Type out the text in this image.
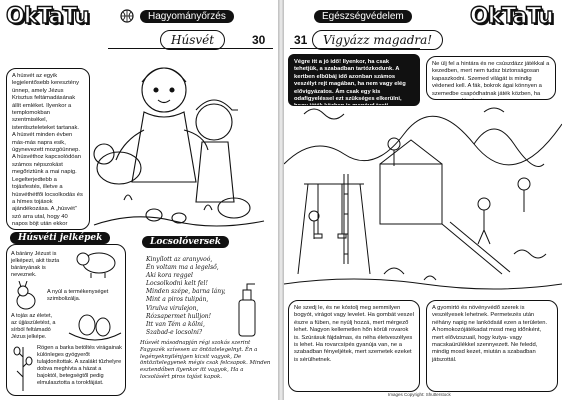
OkTaTu	Hagyományőrzés
Húsvét	30
A húsvét az egyik legjelentősebb keresztény ünnep, amely Jézus Krisztus feltámadásának állít emléket. Ilyenkor a templomokban szentmisékel, istentiszteleteket tartanak. A húsvét minden évben más-más napra esik, úgynevezett mozgóünnep. A húsvéthoz kapcsolódóan számos népszokást megőriztünk a mai napig. Legelterjedtebb a tojásfestés, illetve a húsvéthétfői locsolkodás és a hímes tojások ajándékozása. A „húsvét” szó arra utal, hogy 40 napos böjt után ekkor
Húsvéti jelképek
A bárány Jézust is jelképezi, akit tiszta bárányának is neveznek.
A nyúl a termékenységet szimbolizálja.
A tojás az életet, az újjászületést, a sírból feltámadó Jézus jelképe.
Rögen a barka betöltés virágainak különleges gyógyerőt tulajdonítottak. A szalákt tűzhelyre dobva meghívta a házat a bajoktól, betegségtől pedig elmulasztotta a torokfájást.
Locsolóversek
Kinyílott az aranyvoó,
Én voltam ma a legelső,
Aki kora reggel
Locsolkodni kelt fel!
Minden szépe, barna lány,
Mint a piros tulipán,
Virulva virulejon,
Rózsapermet hulljon!
Itt van Tém a kölni,
Szabad-e locsolni?
Húsvét másodnapján régi szokás szerint Fagyszék szívesen az öntöztelegelnyt. Én a legényeknyilénjgen kicsit vagyok, De öntözitelegyenek mégis csak felcsapok. Minden esztendőben ilyenkor itt vagyok, Ha a locsolásért piros tojást kapok.
Egészségvédelem	OkTaTu
31	Vigyázz magadra!
Végre itt a jó idő! Ilyenkor, ha csak tehetjük, a szabadban tartózkodunk. A kertben elbűbáj idő azonban számos veszélyt rejt magában, ha nem vagy elég elővigyázatos. Ám csak egy kis odafigyeléssel ezt szükséges elkerülni,
Ne ülj fel a hintára és ne csúszdázz játékkal a kezedben, mert nem tudsz biztonságosan kapaszkodni. Szemed világát is mindig védened kell. A fák, bokrok ágai könnyen a szemedbe csapódhatnak játék közben, ha
Ne szedj le, és ne kóstolj meg semmilyen bogyót, virágot vagy levelet. Ha gombát veszel észre a füben, ne nyúlj hozzá, mert mérgező lehet. Nagyon kellemetlen hőn körüli rovarok is. Szúrásuk fájdalmas, és néha életveszélyes is lehet. Ha rovarcsípés gyanúja van, ne a szabadban fényeljétek, mert szemetek ezeket is sérülhetnek.
A gyomirtó és növényvédő szerek is veszélyesek lehetnek. Permetezés után néhány napig ne lankódsáil ezen a területen. A homokozójátékadat mosd meg időnként, mert elővizszuail, hogy kutya- vagy macskaürülékkel szennyezett. Ne feledd, mindig mosd kezet, miután a szabadban játszottál.
Images Copyright: Shutterstock
